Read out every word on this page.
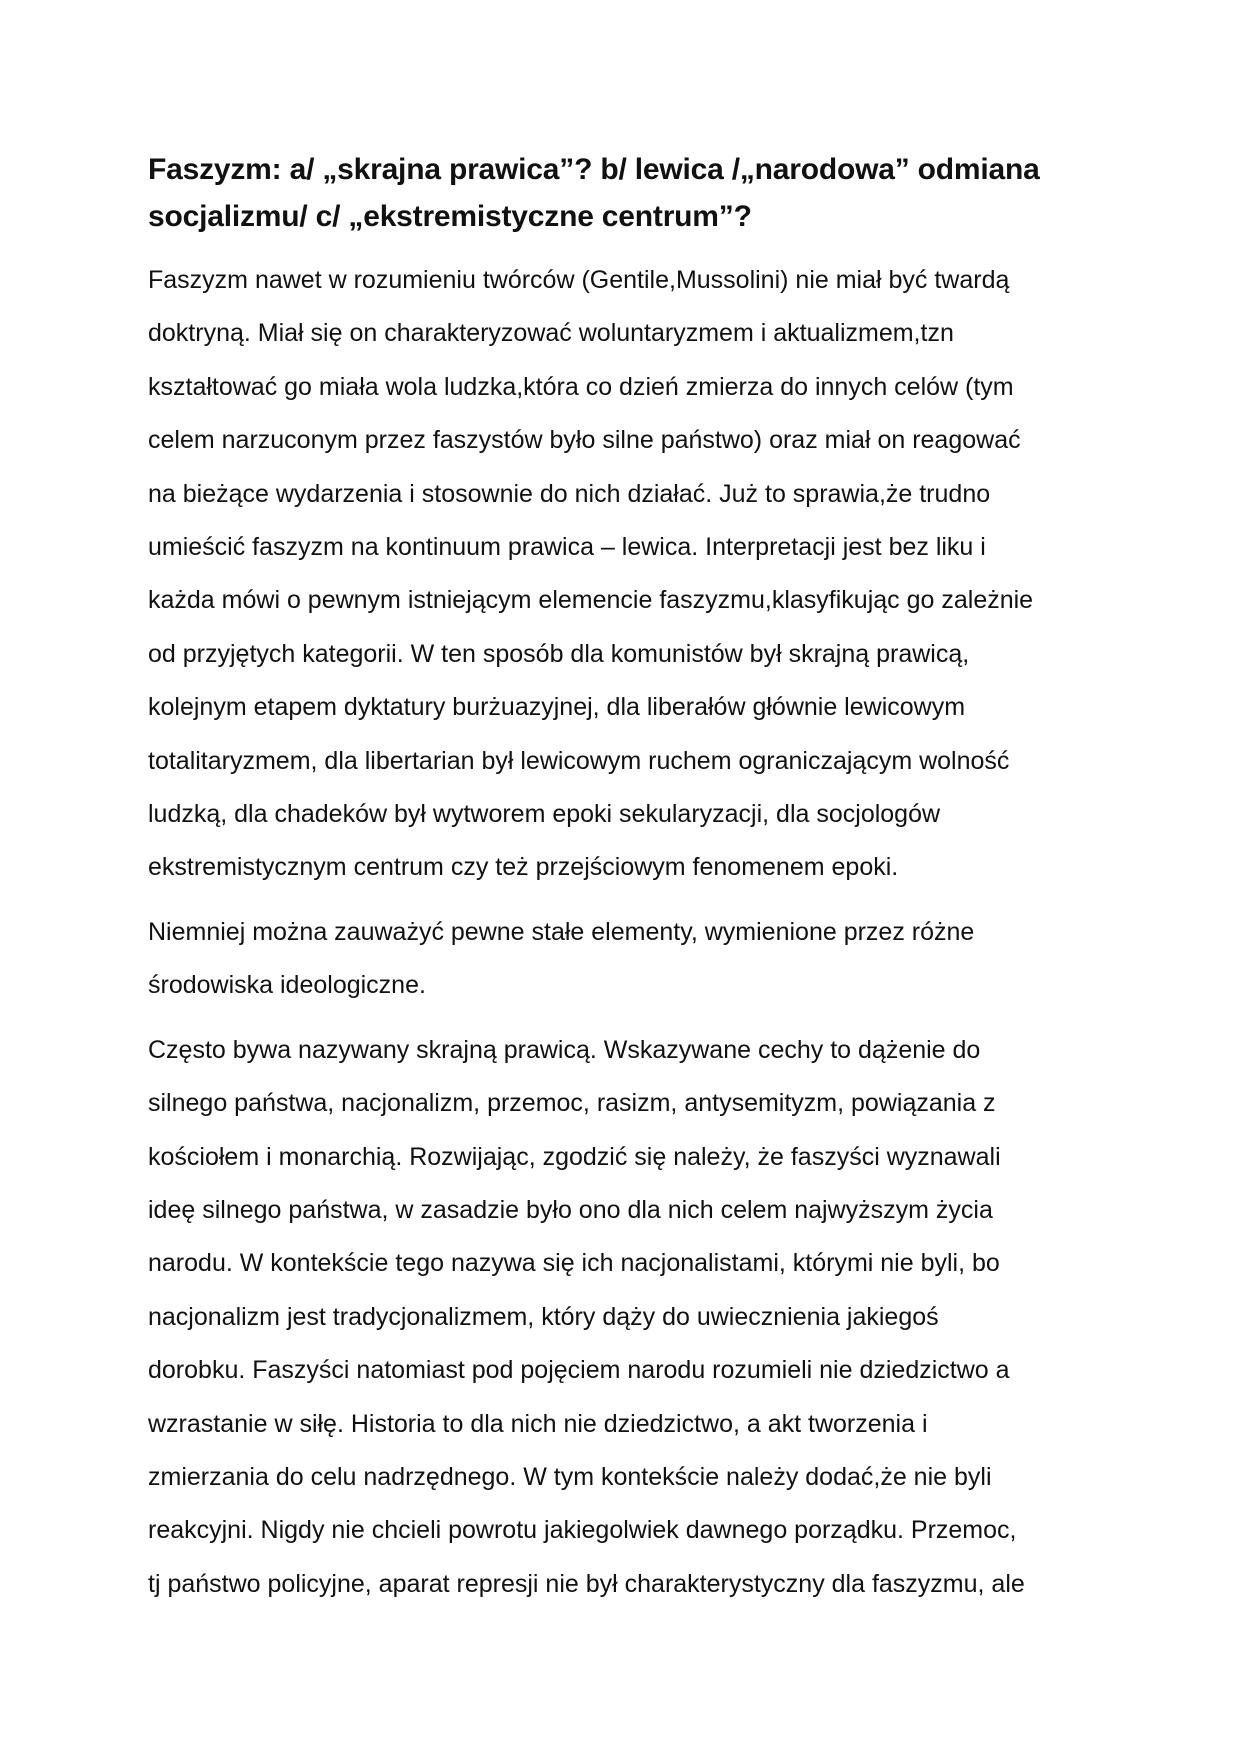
Faszyzm: a/ „skrajna prawica”? b/ lewica /„narodowa” odmiana
socjalizmu/ c/ „ekstremistyczne centrum”?

Faszyzm nawet w rozumieniu twórców (Gentile,Mussolini) nie miał być twardą
doktryną. Miał się on charakteryzować woluntaryzmem i aktualizmem,tzn
kształtować go miała wola ludzka,która co dzień zmierza do innych celów (tym
celem narzuconym przez faszystów było silne państwo) oraz miał on reagować
na bieżące wydarzenia i stosownie do nich działać. Już to sprawia,że trudno
umieścić faszyzm na kontinuum prawica – lewica. Interpretacji jest bez liku i
każda mówi o pewnym istniejącym elemencie faszyzmu,klasyfikując go zależnie
od przyjętych kategorii. W ten sposób dla komunistów był skrajną prawicą,
kolejnym etapem dyktatury burżuazyjnej, dla liberałów głównie lewicowym
totalitaryzmem, dla libertarian był lewicowym ruchem ograniczającym wolność
ludzką, dla chadeków był wytworem epoki sekularyzacji, dla socjologów
ekstremistycznym centrum czy też przejściowym fenomenem epoki.

Niemniej można zauważyć pewne stałe elementy, wymienione przez różne
środowiska ideologiczne.

Często bywa nazywany skrajną prawicą. Wskazywane cechy to dążenie do
silnego państwa, nacjonalizm, przemoc, rasizm, antysemityzm, powiązania z
kościołem i monarchią. Rozwijając, zgodzić się należy, że faszyści wyznawali
ideę silnego państwa, w zasadzie było ono dla nich celem najwyższym życia
narodu. W kontekście tego nazywa się ich nacjonalistami, którymi nie byli, bo
nacjonalizm jest tradycjonalizmem, który dąży do uwiecznienia jakiegoś
dorobku. Faszyści natomiast pod pojęciem narodu rozumieli nie dziedzictwo a
wzrastanie w siłę. Historia to dla nich nie dziedzictwo, a akt tworzenia i
zmierzania do celu nadrzędnego. W tym kontekście należy dodać,że nie byli
reakcyjni. Nigdy nie chcieli powrotu jakiegolwiek dawnego porządku. Przemoc,
tj państwo policyjne, aparat represji nie był charakterystyczny dla faszyzmu, ale
